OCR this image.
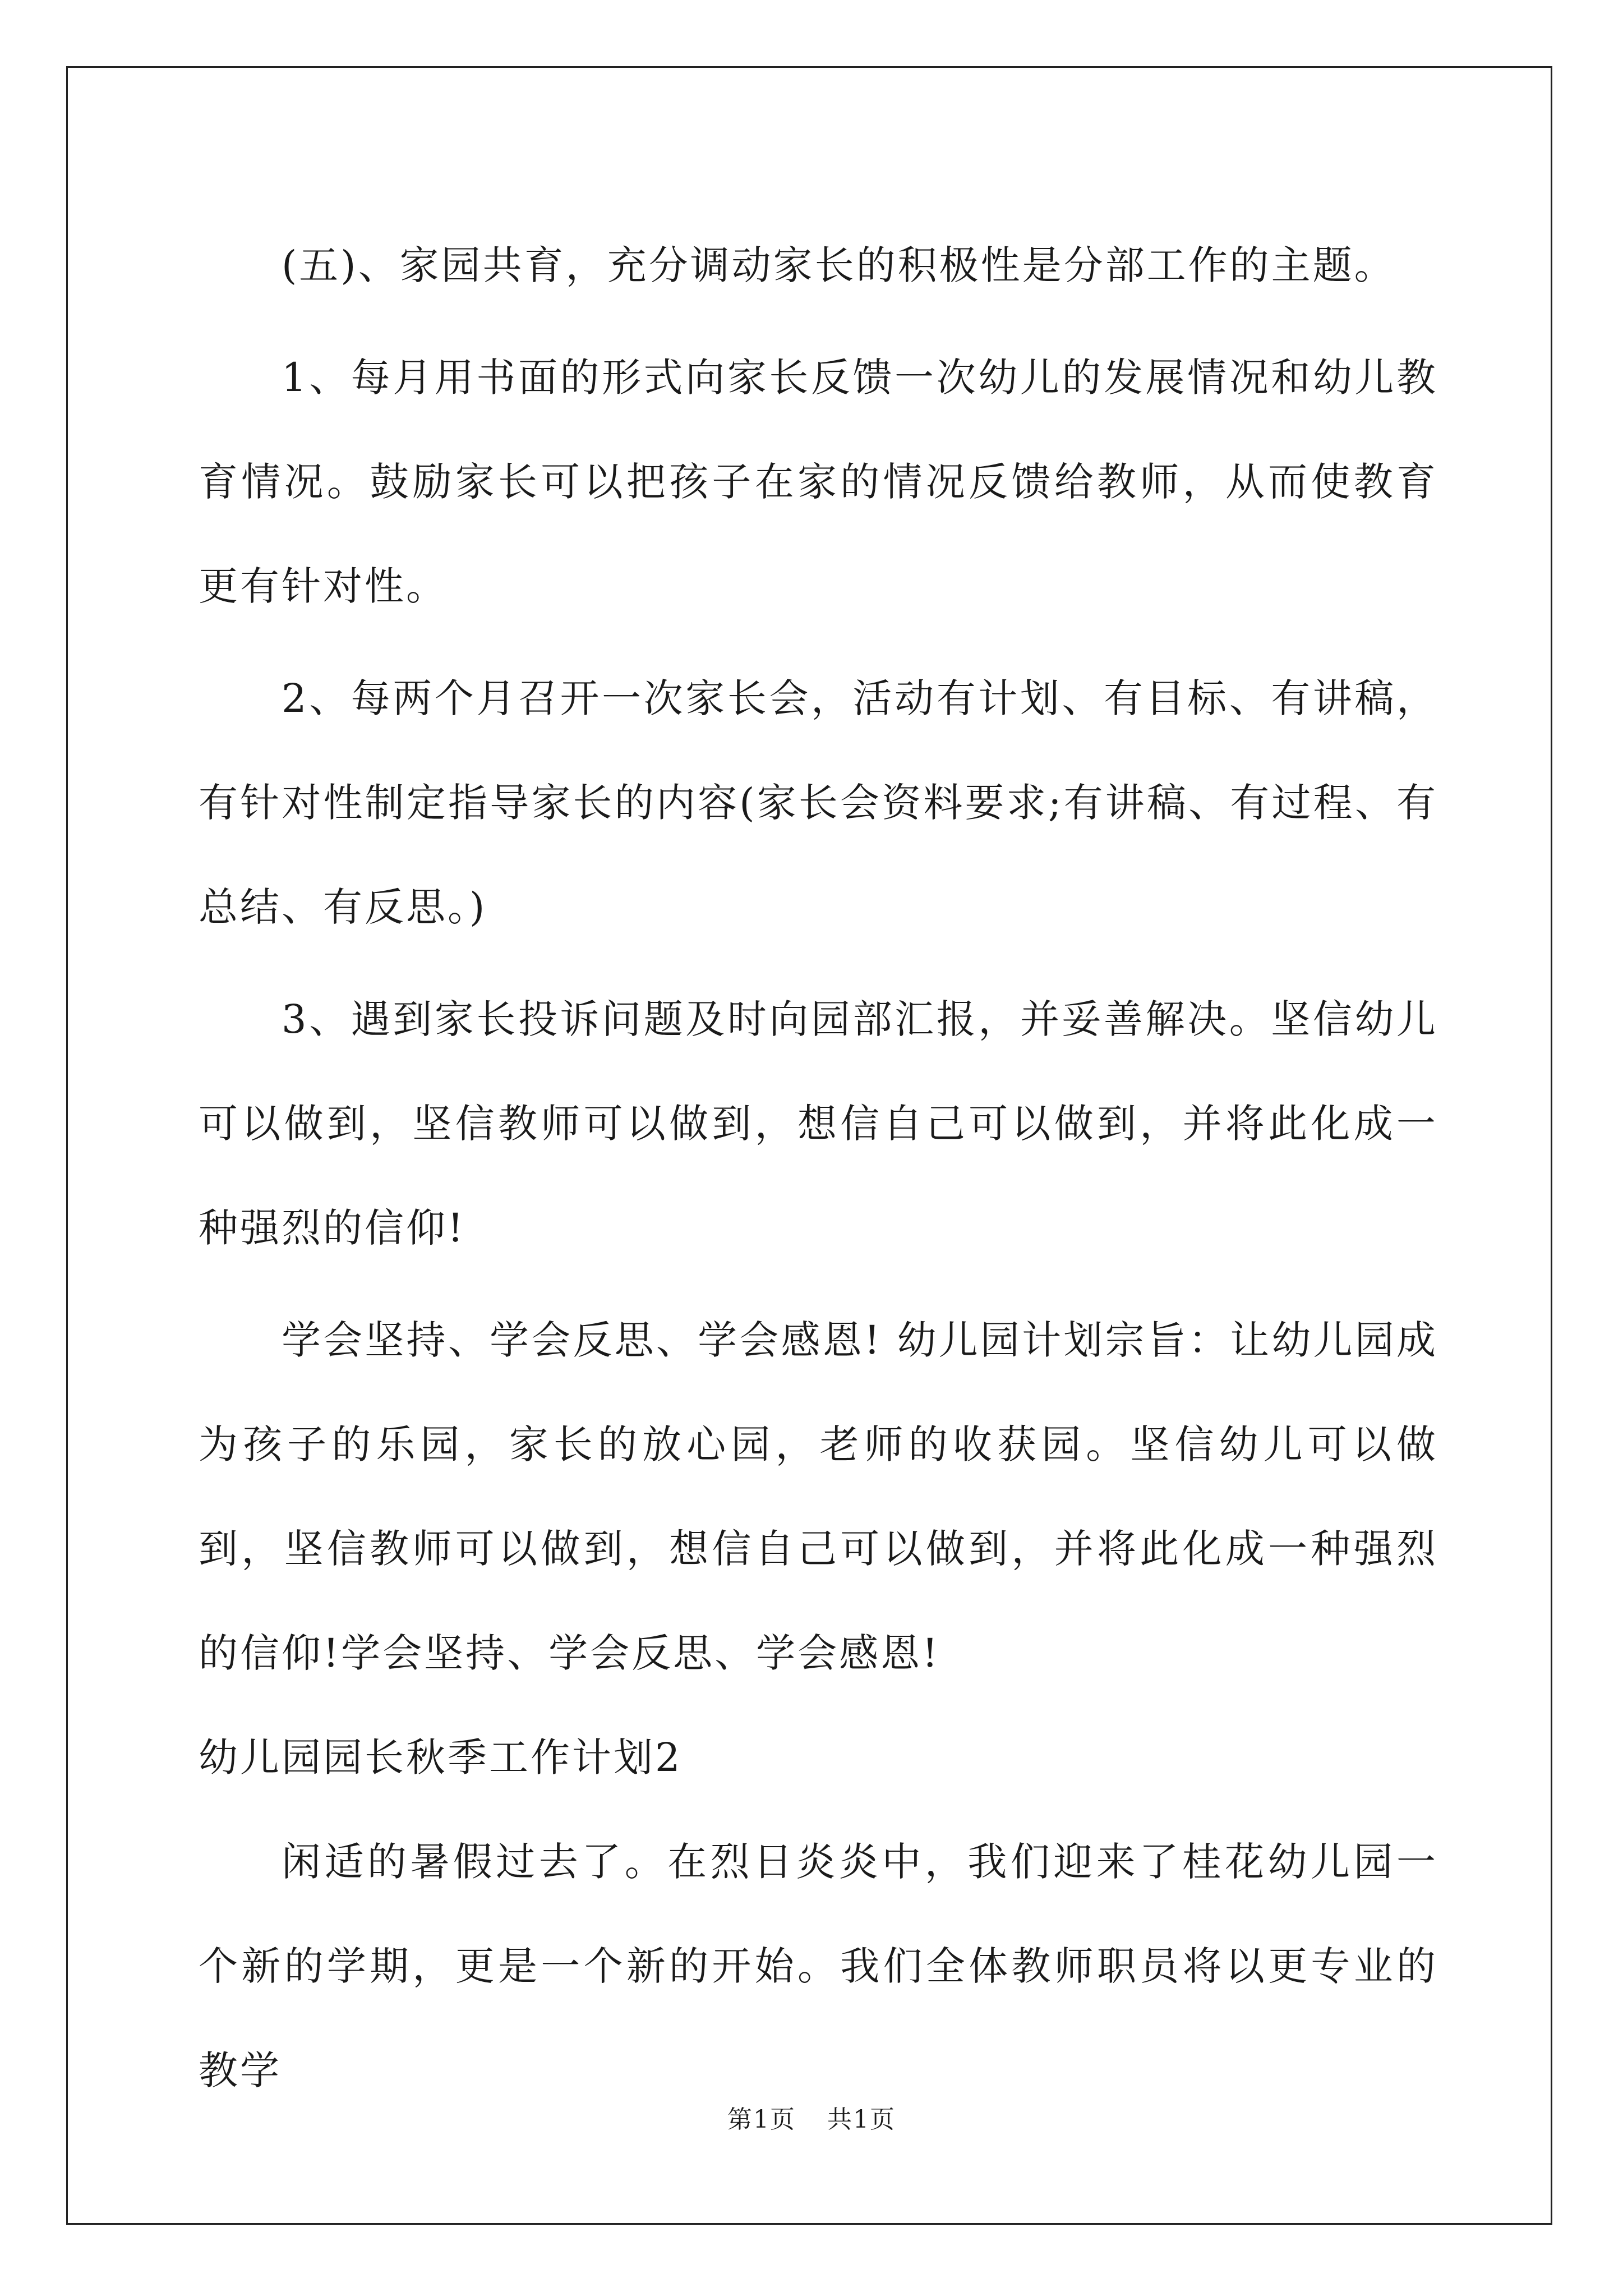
(五)、家园共育，充分调动家长的积极性是分部工作的主题。

1、每月用书面的形式向家长反馈一次幼儿的发展情况和幼儿教育情况。鼓励家长可以把孩子在家的情况反馈给教师，从而使教育更有针对性。

2、每两个月召开一次家长会，活动有计划、有目标、有讲稿，有针对性制定指导家长的内容(家长会资料要求;有讲稿、有过程、有总结、有反思。)

3、遇到家长投诉问题及时向园部汇报，并妥善解决。坚信幼儿可以做到，坚信教师可以做到，想信自己可以做到，并将此化成一种强烈的信仰!

学会坚持、学会反思、学会感恩! 幼儿园计划宗旨：让幼儿园成为孩子的乐园，家长的放心园，老师的收获园。坚信幼儿可以做到，坚信教师可以做到，想信自己可以做到，并将此化成一种强烈的信仰!学会坚持、学会反思、学会感恩!

幼儿园园长秋季工作计划2

闲适的暑假过去了。在烈日炎炎中，我们迎来了桂花幼儿园一个新的学期，更是一个新的开始。我们全体教师职员将以更专业的教学

第1页 共1页
